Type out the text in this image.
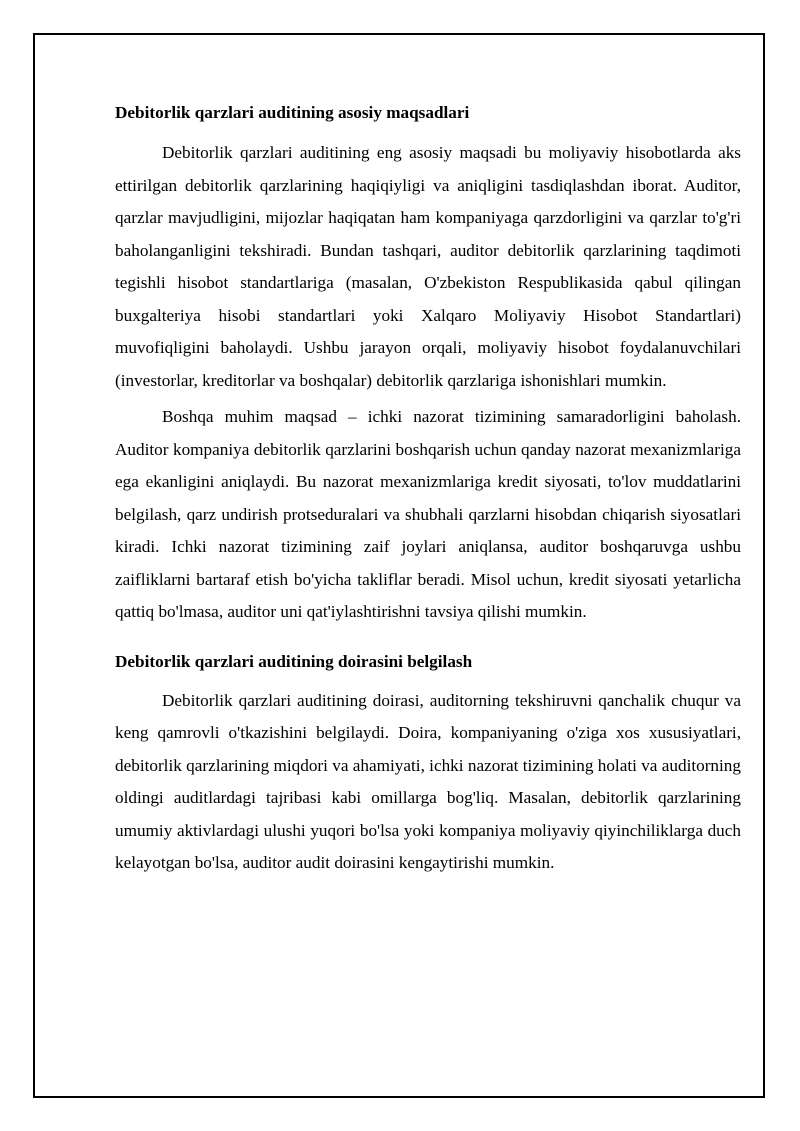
Debitorlik qarzlari auditining asosiy maqsadlari

Debitorlik qarzlari auditining eng asosiy maqsadi bu moliyaviy hisobotlarda aks ettirilgan debitorlik qarzlarining haqiqiyligi va aniqligini tasdiqlashdan iborat. Auditor, qarzlar mavjudligini, mijozlar haqiqatan ham kompaniyaga qarzdorligini va qarzlar to'g'ri baholanganligini tekshiradi. Bundan tashqari, auditor debitorlik qarzlarining taqdimoti tegishli hisobot standartlariga (masalan, O'zbekiston Respublikasida qabul qilingan buxgalteriya hisobi standartlari yoki Xalqaro Moliyaviy Hisobot Standartlari) muvofiqligini baholaydi. Ushbu jarayon orqali, moliyaviy hisobot foydalanuvchilari (investorlar, kreditorlar va boshqalar) debitorlik qarzlariga ishonishlari mumkin.

Boshqa muhim maqsad – ichki nazorat tizimining samaradorligini baholash. Auditor kompaniya debitorlik qarzlarini boshqarish uchun qanday nazorat mexanizmlariga ega ekanligini aniqlaydi. Bu nazorat mexanizmlariga kredit siyosati, to'lov muddatlarini belgilash, qarz undirish protseduralari va shubhali qarzlarni hisobdan chiqarish siyosatlari kiradi. Ichki nazorat tizimining zaif joylari aniqlansa, auditor boshqaruvga ushbu zaifliklarni bartaraf etish bo'yicha takliflar beradi. Misol uchun, kredit siyosati yetarlicha qattiq bo'lmasa, auditor uni qat'iylashtirishni tavsiya qilishi mumkin.

Debitorlik qarzlari auditining doirasini belgilash

Debitorlik qarzlari auditining doirasi, auditorning tekshiruvni qanchalik chuqur va keng qamrovli o'tkazishini belgilaydi. Doira, kompaniyaning o'ziga xos xususiyatlari, debitorlik qarzlarining miqdori va ahamiyati, ichki nazorat tizimining holati va auditorning oldingi auditlardagi tajribasi kabi omillarga bog'liq. Masalan, debitorlik qarzlarining umumiy aktivlardagi ulushi yuqori bo'lsa yoki kompaniya moliyaviy qiyinchiliklarga duch kelayotgan bo'lsa, auditor audit doirasini kengaytirishi mumkin.
